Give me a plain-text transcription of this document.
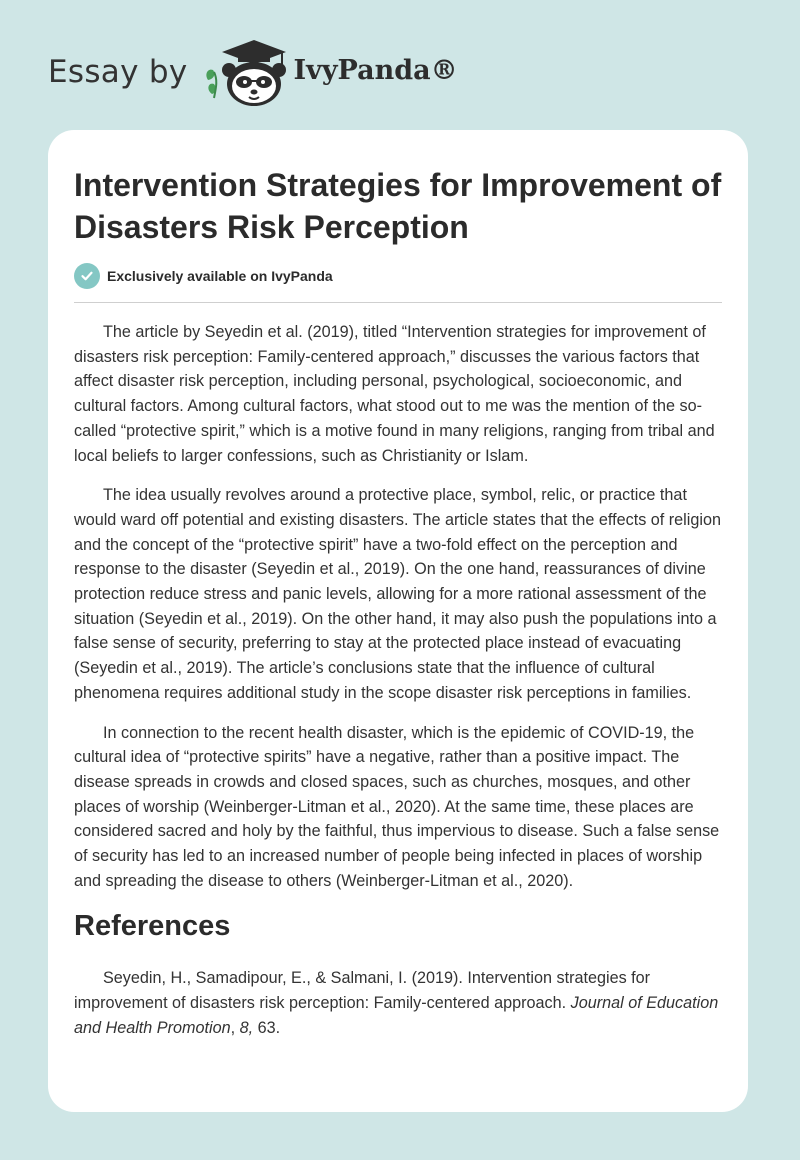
Essay by	IvyPanda®
Intervention Strategies for Improvement of Disasters Risk Perception
Exclusively available on IvyPanda

The article by Seyedin et al. (2019), titled “Intervention strategies for improvement of disasters risk perception: Family-centered approach,” discusses the various factors that affect disaster risk perception, including personal, psychological, socioeconomic, and cultural factors. Among cultural factors, what stood out to me was the mention of the so-called “protective spirit,” which is a motive found in many religions, ranging from tribal and local beliefs to larger confessions, such as Christianity or Islam.

The idea usually revolves around a protective place, symbol, relic, or practice that would ward off potential and existing disasters. The article states that the effects of religion and the concept of the “protective spirit” have a two-fold effect on the perception and response to the disaster (Seyedin et al., 2019). On the one hand, reassurances of divine protection reduce stress and panic levels, allowing for a more rational assessment of the situation (Seyedin et al., 2019). On the other hand, it may also push the populations into a false sense of security, preferring to stay at the protected place instead of evacuating (Seyedin et al., 2019). The article’s conclusions state that the influence of cultural phenomena requires additional study in the scope disaster risk perceptions in families.

In connection to the recent health disaster, which is the epidemic of COVID-19, the cultural idea of “protective spirits” have a negative, rather than a positive impact. The disease spreads in crowds and closed spaces, such as churches, mosques, and other places of worship (Weinberger-Litman et al., 2020). At the same time, these places are considered sacred and holy by the faithful, thus impervious to disease. Such a false sense of security has led to an increased number of people being infected in places of worship and spreading the disease to others (Weinberger-Litman et al., 2020).

References

Seyedin, H., Samadipour, E., & Salmani, I. (2019). Intervention strategies for improvement of disasters risk perception: Family-centered approach. Journal of Education and Health Promotion, 8, 63.
